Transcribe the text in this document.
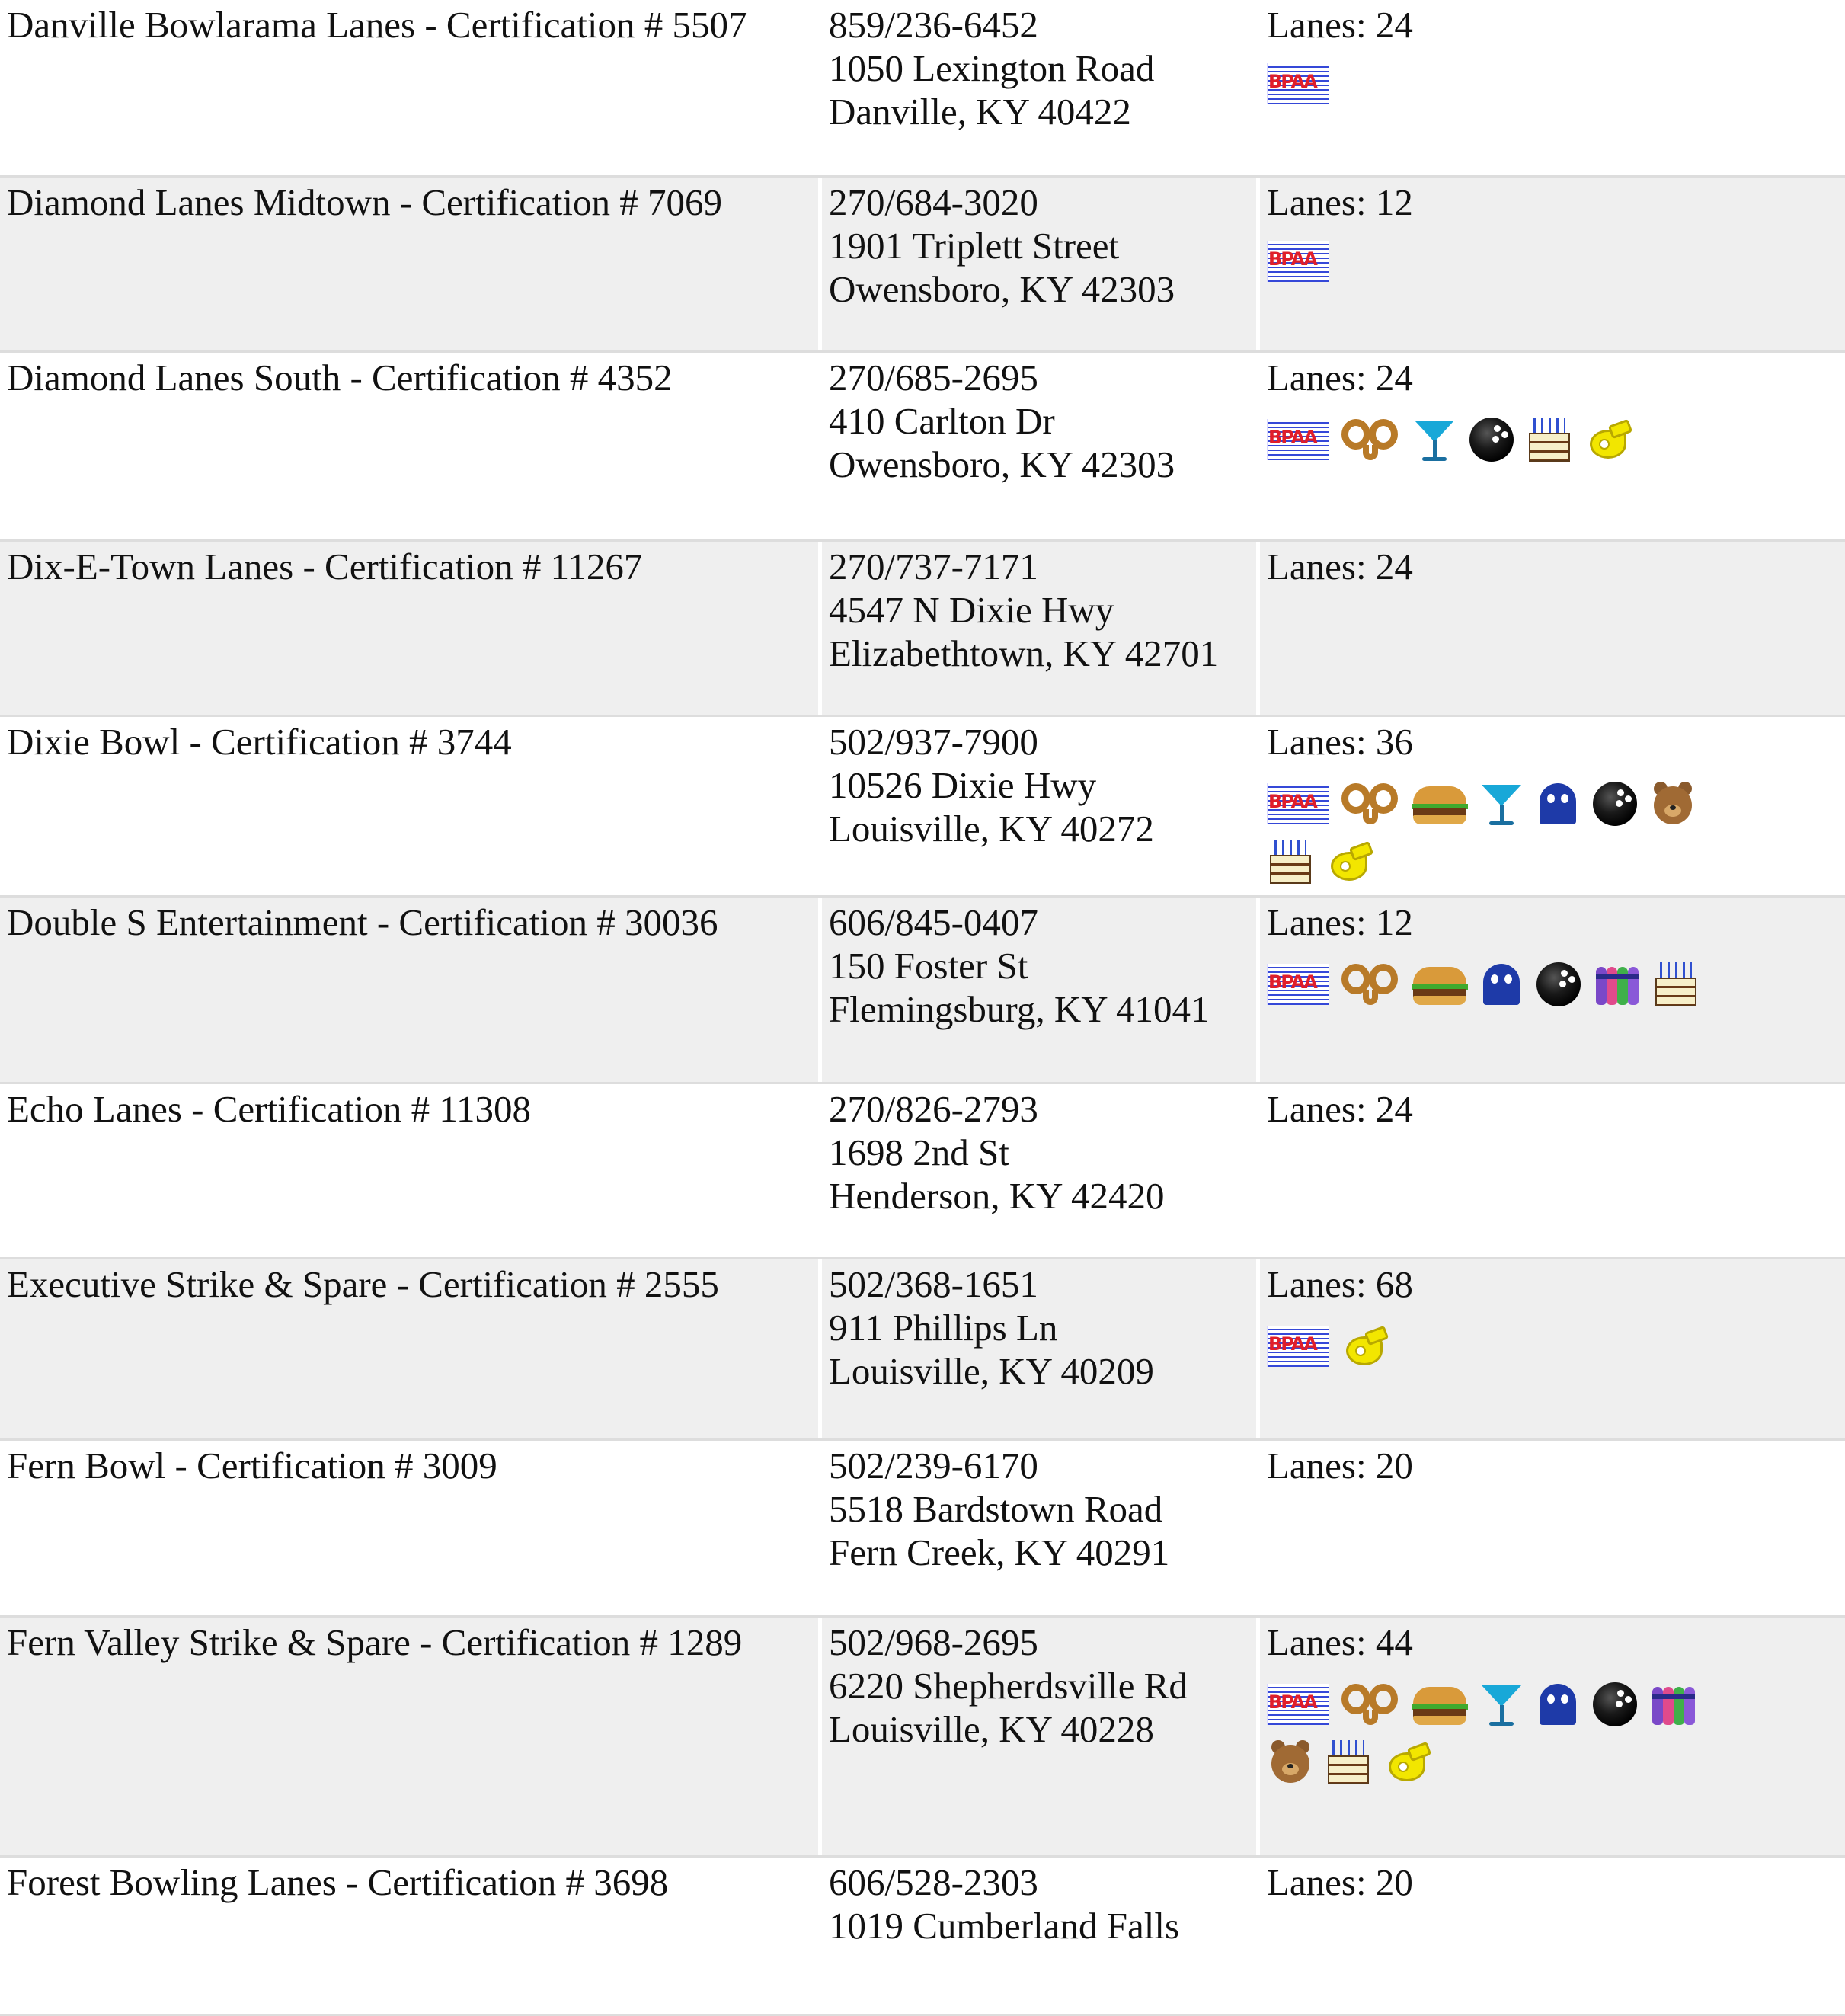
Danville Bowlarama Lanes - Certification # 5507	859/236-6452
1050 Lexington Road
Danville, KY 40422
Lanes: 24
BPAA
Diamond Lanes Midtown - Certification # 7069	270/684-3020
1901 Triplett Street
Owensboro, KY 42303
Lanes: 12
BPAA
Diamond Lanes South - Certification # 4352	270/685-2695
410 Carlton Dr
Owensboro, KY 42303
Lanes: 24
BPAA
Dix-E-Town Lanes - Certification # 11267	270/737-7171
4547 N Dixie Hwy
Elizabethtown, KY 42701
Lanes: 24
Dixie Bowl - Certification # 3744	502/937-7900
10526 Dixie Hwy
Louisville, KY 40272
Lanes: 36
BPAA
Double S Entertainment - Certification # 30036	606/845-0407
150 Foster St
Flemingsburg, KY 41041
Lanes: 12
BPAA
Echo Lanes - Certification # 11308	270/826-2793
1698 2nd St
Henderson, KY 42420
Lanes: 24
Executive Strike & Spare - Certification # 2555	502/368-1651
911 Phillips Ln
Louisville, KY 40209
Lanes: 68
BPAA
Fern Bowl - Certification # 3009	502/239-6170
5518 Bardstown Road
Fern Creek, KY 40291
Lanes: 20
Fern Valley Strike & Spare - Certification # 1289	502/968-2695
6220 Shepherdsville Rd
Louisville, KY 40228
Lanes: 44
BPAA
Forest Bowling Lanes - Certification # 3698	606/528-2303
1019 Cumberland Falls
Lanes: 20
